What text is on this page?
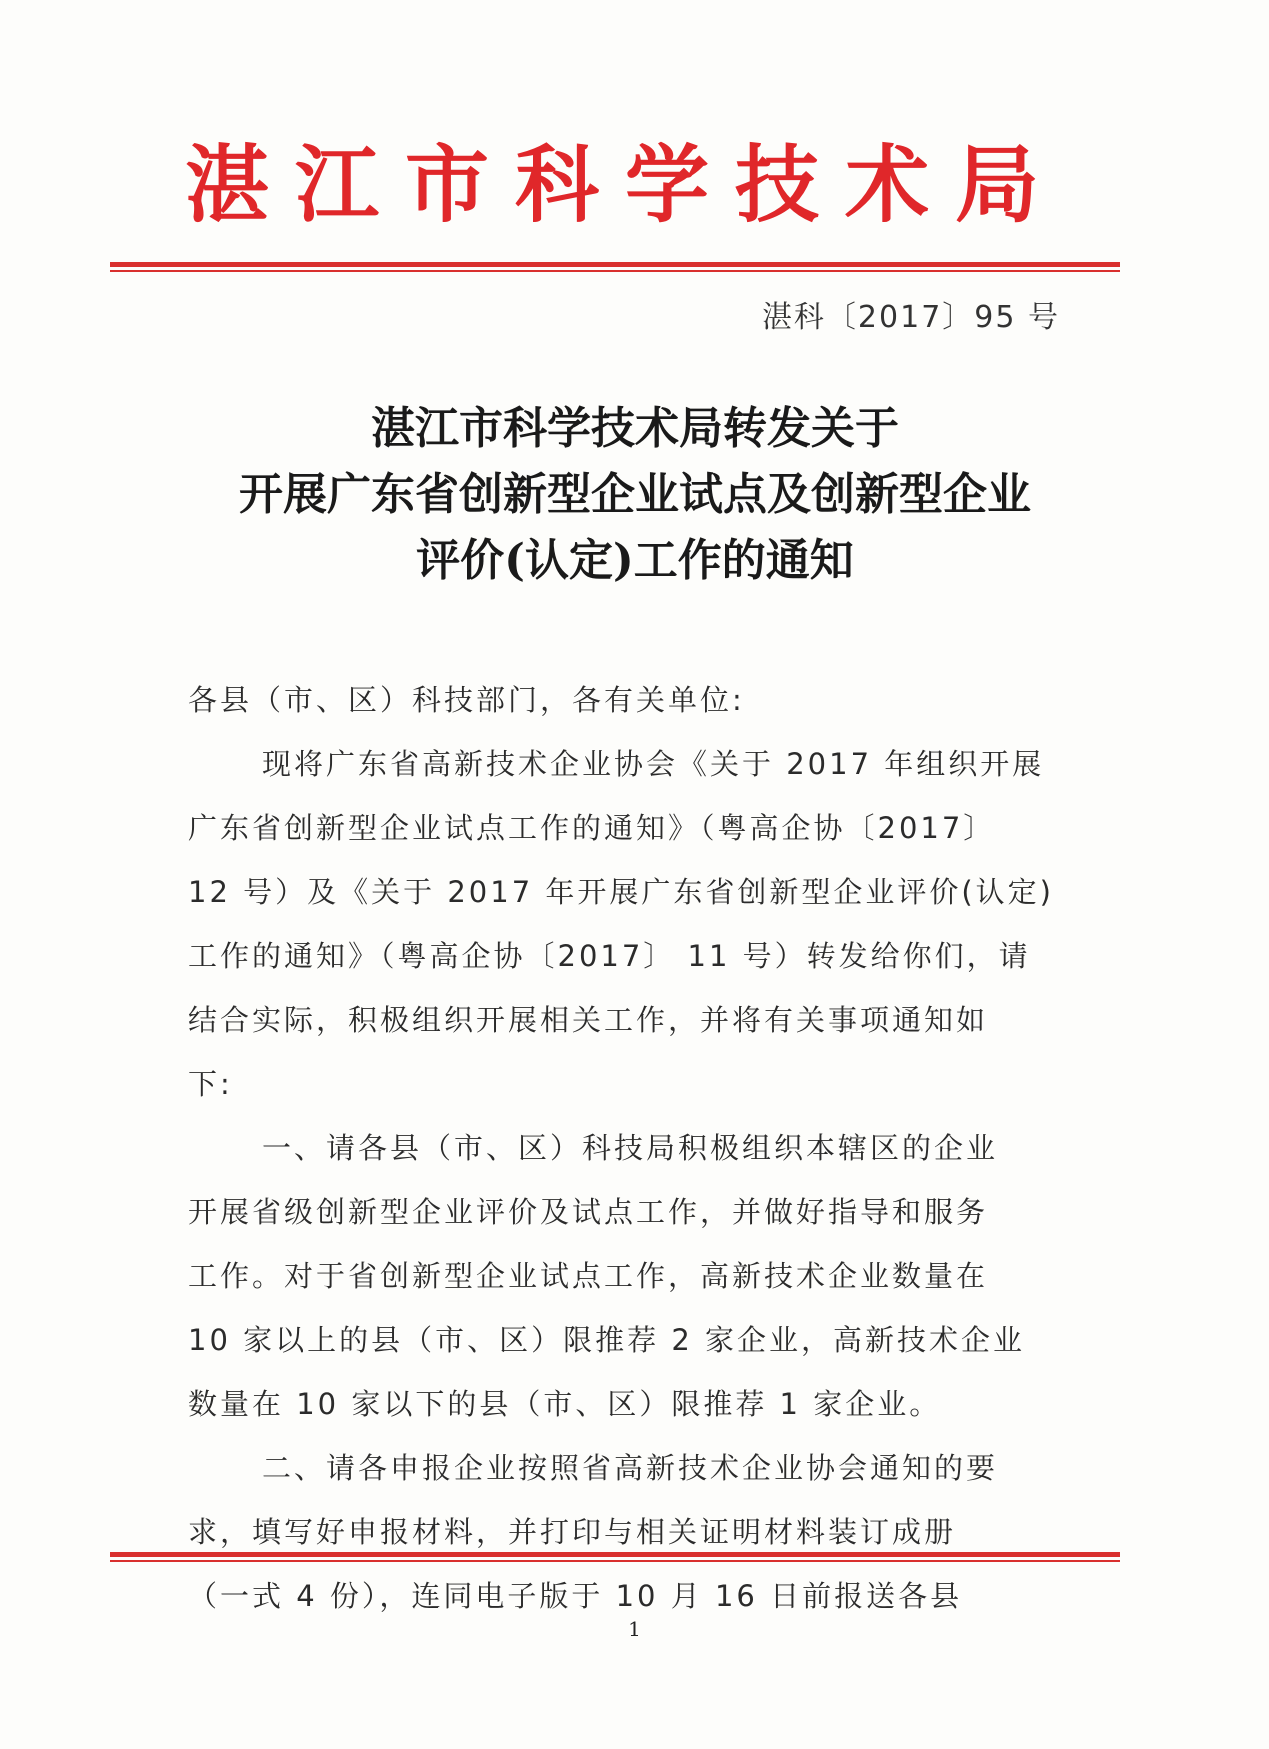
湛江市科学技术局
湛科〔2017〕95 号
湛江市科学技术局转发关于
开展广东省创新型企业试点及创新型企业
评价(认定)工作的通知
各县（市、区）科技部门，各有关单位:
现将广东省高新技术企业协会《关于 2017 年组织开展
广东省创新型企业试点工作的通知》（粤高企协〔2017〕
12 号）及《关于 2017 年开展广东省创新型企业评价(认定)
工作的通知》（粤高企协〔2017〕 11 号）转发给你们，请
结合实际，积极组织开展相关工作，并将有关事项通知如
下:
一、请各县（市、区）科技局积极组织本辖区的企业
开展省级创新型企业评价及试点工作，并做好指导和服务
工作。对于省创新型企业试点工作，高新技术企业数量在
10 家以上的县（市、区）限推荐 2 家企业，高新技术企业
数量在 10 家以下的县（市、区）限推荐 1 家企业。
二、请各申报企业按照省高新技术企业协会通知的要
求，填写好申报材料，并打印与相关证明材料装订成册
（一式 4 份），连同电子版于 10 月 16 日前报送各县
1
